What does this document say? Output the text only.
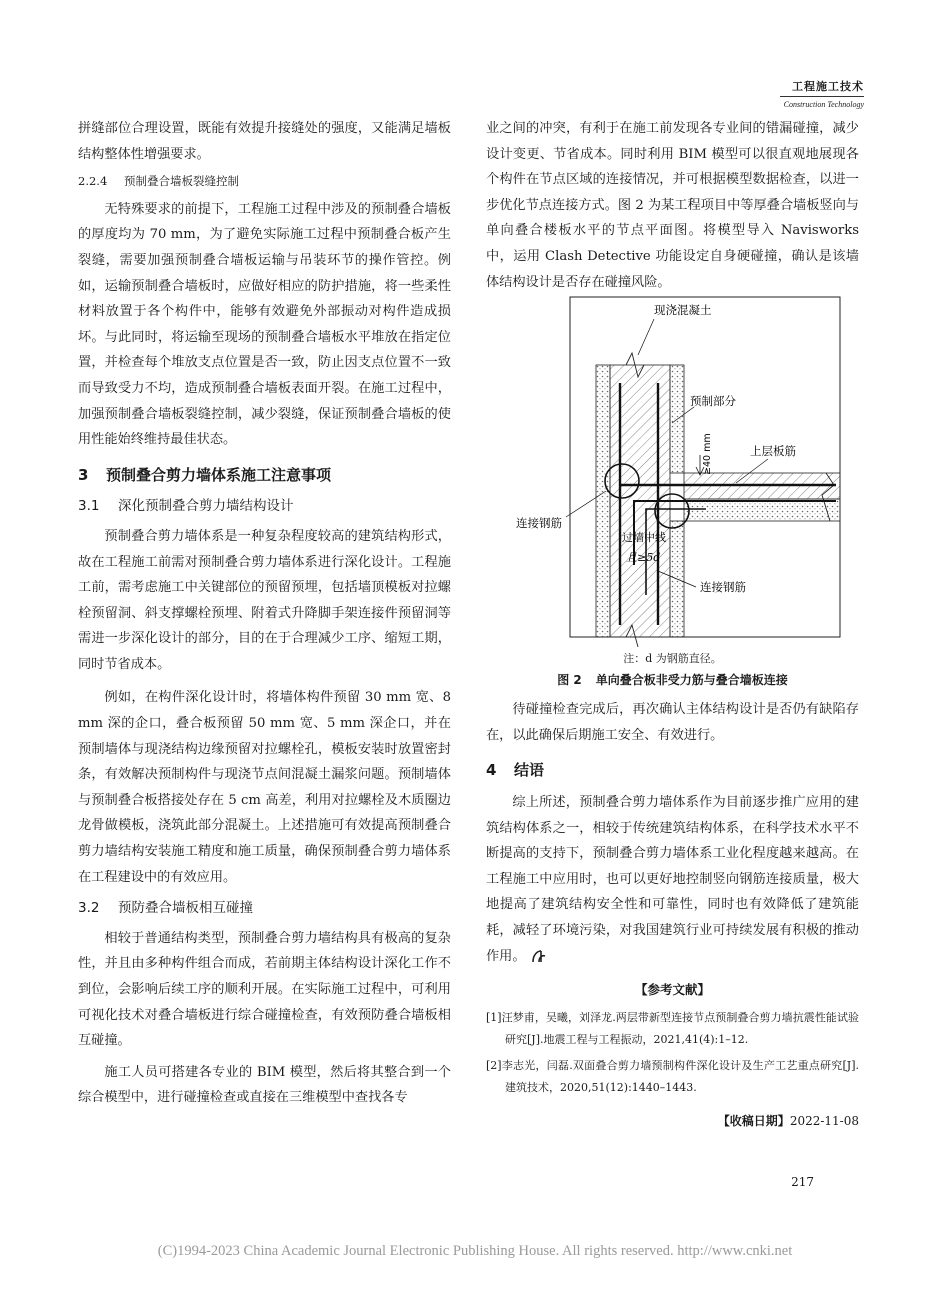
工程施工技术
Construction Technology

拼缝部位合理设置，既能有效提升接缝处的强度，又能满足墙板结构整体性增强要求。

2.2.4 预制叠合墙板裂缝控制

无特殊要求的前提下，工程施工过程中涉及的预制叠合墙板的厚度均为 70 mm，为了避免实际施工过程中预制叠合板产生裂缝，需要加强预制叠合墙板运输与吊装环节的操作管控。例如，运输预制叠合墙板时，应做好相应的防护措施，将一些柔性材料放置于各个构件中，能够有效避免外部振动对构件造成损坏。与此同时，将运输至现场的预制叠合墙板水平堆放在指定位置，并检查每个堆放支点位置是否一致，防止因支点位置不一致而导致受力不均，造成预制叠合墙板表面开裂。在施工过程中，加强预制叠合墙板裂缝控制，减少裂缝，保证预制叠合墙板的使用性能始终维持最佳状态。

3 预制叠合剪力墙体系施工注意事项
3.1 深化预制叠合剪力墙结构设计

预制叠合剪力墙体系是一种复杂程度较高的建筑结构形式，故在工程施工前需对预制叠合剪力墙体系进行深化设计。工程施工前，需考虑施工中关键部位的预留预埋，包括墙顶模板对拉螺栓预留洞、斜支撑螺栓预埋、附着式升降脚手架连接件预留洞等需进一步深化设计的部分，目的在于合理减少工序、缩短工期，同时节省成本。

例如，在构件深化设计时，将墙体构件预留 30 mm 宽、8 mm 深的企口，叠合板预留 50 mm 宽、5 mm 深企口，并在预制墙体与现浇结构边缘预留对拉螺栓孔，模板安装时放置密封条，有效解决预制构件与现浇节点间混凝土漏浆问题。预制墙体与预制叠合板搭接处存在 5 cm 高差，利用对拉螺栓及木质圈边龙骨做模板，浇筑此部分混凝土。上述措施可有效提高预制叠合剪力墙结构安装施工精度和施工质量，确保预制叠合剪力墙体系在工程建设中的有效应用。

3.2 预防叠合墙板相互碰撞

相较于普通结构类型，预制叠合剪力墙结构具有极高的复杂性，并且由多种构件组合而成，若前期主体结构设计深化工作不到位，会影响后续工序的顺利开展。在实际施工过程中，可利用可视化技术对叠合墙板进行综合碰撞检查，有效预防叠合墙板相互碰撞。

施工人员可搭建各专业的 BIM 模型，然后将其整合到一个综合模型中，进行碰撞检查或直接在三维模型中查找各专

业之间的冲突，有利于在施工前发现各专业间的错漏碰撞，减少设计变更、节省成本。同时利用 BIM 模型可以很直观地展现各个构件在节点区域的连接情况，并可根据模型数据检查，以进一步优化节点连接方式。图 2 为某工程项目中等厚叠合墙板竖向与单向叠合楼板水平的节点平面图。将模型导入 Navisworks 中，运用 Clash Detective 功能设定自身硬碰撞，确认是该墙体结构设计是否存在碰撞风险。

现浇混凝土
预制部分
≥40 mm	上层板筋
连接钢筋
过墙中线
且≥5d
连接钢筋
注：d 为钢筋直径。
图 2 单向叠合板非受力筋与叠合墙板连接

待碰撞检查完成后，再次确认主体结构设计是否仍有缺陷存在，以此确保后期施工安全、有效进行。

4 结语

综上所述，预制叠合剪力墙体系作为目前逐步推广应用的建筑结构体系之一，相较于传统建筑结构体系，在科学技术水平不断提高的支持下，预制叠合剪力墙体系工业化程度越来越高。在工程施工中应用时，也可以更好地控制竖向钢筋连接质量，极大地提高了建筑结构安全性和可靠性，同时也有效降低了建筑能耗，减轻了环境污染，对我国建筑行业可持续发展有积极的推动作用。

【参考文献】
[1]汪梦甫，吴曦，刘泽龙.两层带新型连接节点预制叠合剪力墙抗震性能试验研究[J].地震工程与工程振动，2021,41(4):1–12.
[2]李志光，闫磊.双面叠合剪力墙预制构件深化设计及生产工艺重点研究[J].建筑技术，2020,51(12):1440–1443.
【收稿日期】2022-11-08
217
(C)1994-2023 China Academic Journal Electronic Publishing House. All rights reserved. http://www.cnki.net
